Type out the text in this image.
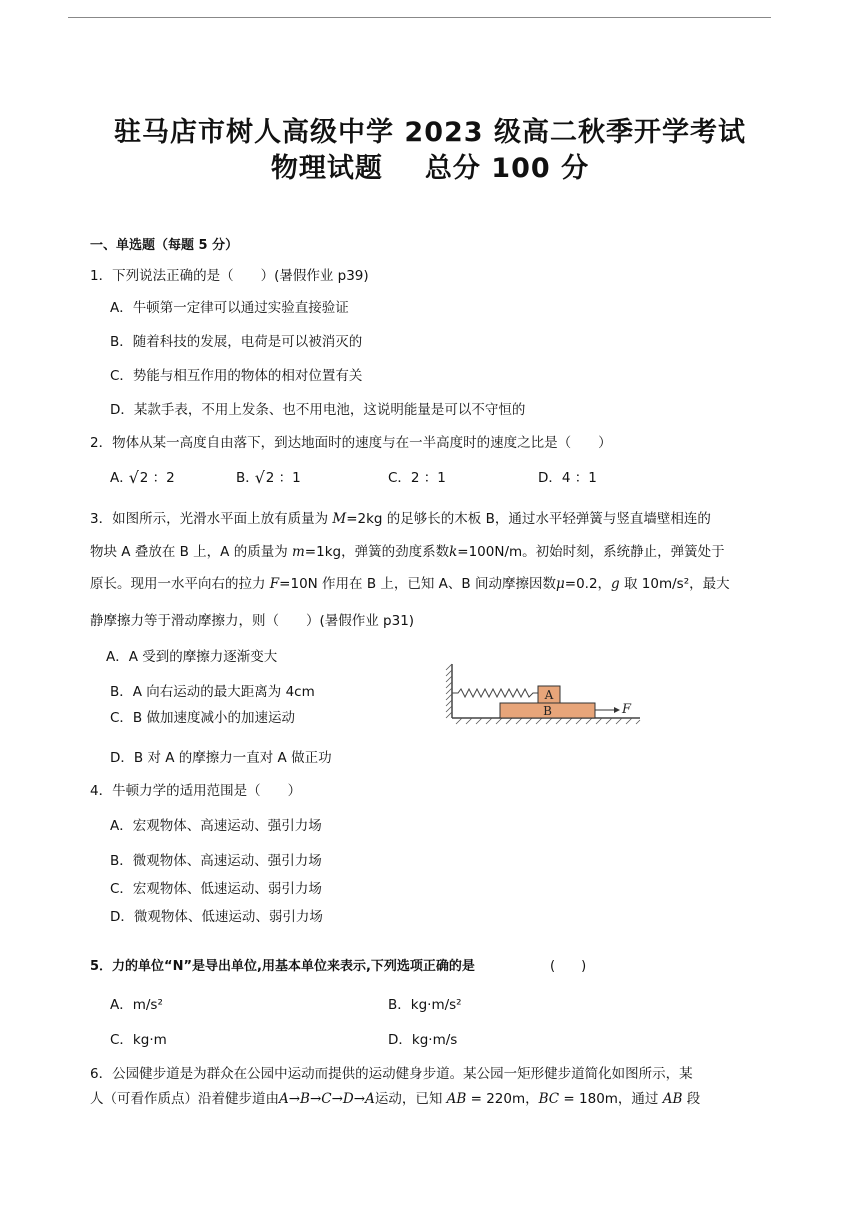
驻马店市树人高级中学 2023 级高二秋季开学考试
物理试题 总分 100 分
一、单选题（每题 5 分）
1．下列说法正确的是（　　）(暑假作业 p39)
A．牛顿第一定律可以通过实验直接验证
B．随着科技的发展，电荷是可以被消灭的
C．势能与相互作用的物体的相对位置有关
D．某款手表，不用上发条、也不用电池，这说明能量是可以不守恒的
2．物体从某一高度自由落下，到达地面时的速度与在一半高度时的速度之比是（　　）
A． √ 2 ：2	B． √ 2 ：1	C．2 ：1	D．4 ：1
3．如图所示，光滑水平面上放有质量为 M=2kg 的足够长的木板 B，通过水平轻弹簧与竖直墙壁相连的
物块 A 叠放在 B 上，A 的质量为 m=1kg，弹簧的劲度系数k=100N/m。初始时刻，系统静止，弹簧处于
原长。现用一水平向右的拉力 F=10N 作用在 B 上，已知 A、B 间动摩擦因数μ=0.2，g 取 10m/s²，最大
静摩擦力等于滑动摩擦力，则（　　）(暑假作业 p31)
A．A 受到的摩擦力逐渐变大
B．A 向右运动的最大距离为 4cm
C．B 做加速度减小的加速运动
D．B 对 A 的摩擦力一直对 A 做正功
B
A
F
4．牛顿力学的适用范围是（　　）
A．宏观物体、高速运动、强引力场
B．微观物体、高速运动、强引力场
C．宏观物体、低速运动、弱引力场
D．微观物体、低速运动、弱引力场
5．力的单位“N”是导出单位,用基本单位来表示,下列选项正确的是	(　　)
A．m/s²	B．kg·m/s²
C．kg·m	D．kg·m/s
6．公园健步道是为群众在公园中运动而提供的运动健身步道。某公园一矩形健步道简化如图所示，某
人（可看作质点）沿着健步道由A→B→C→D→A运动，已知 AB = 220m，BC = 180m，通过 AB 段
